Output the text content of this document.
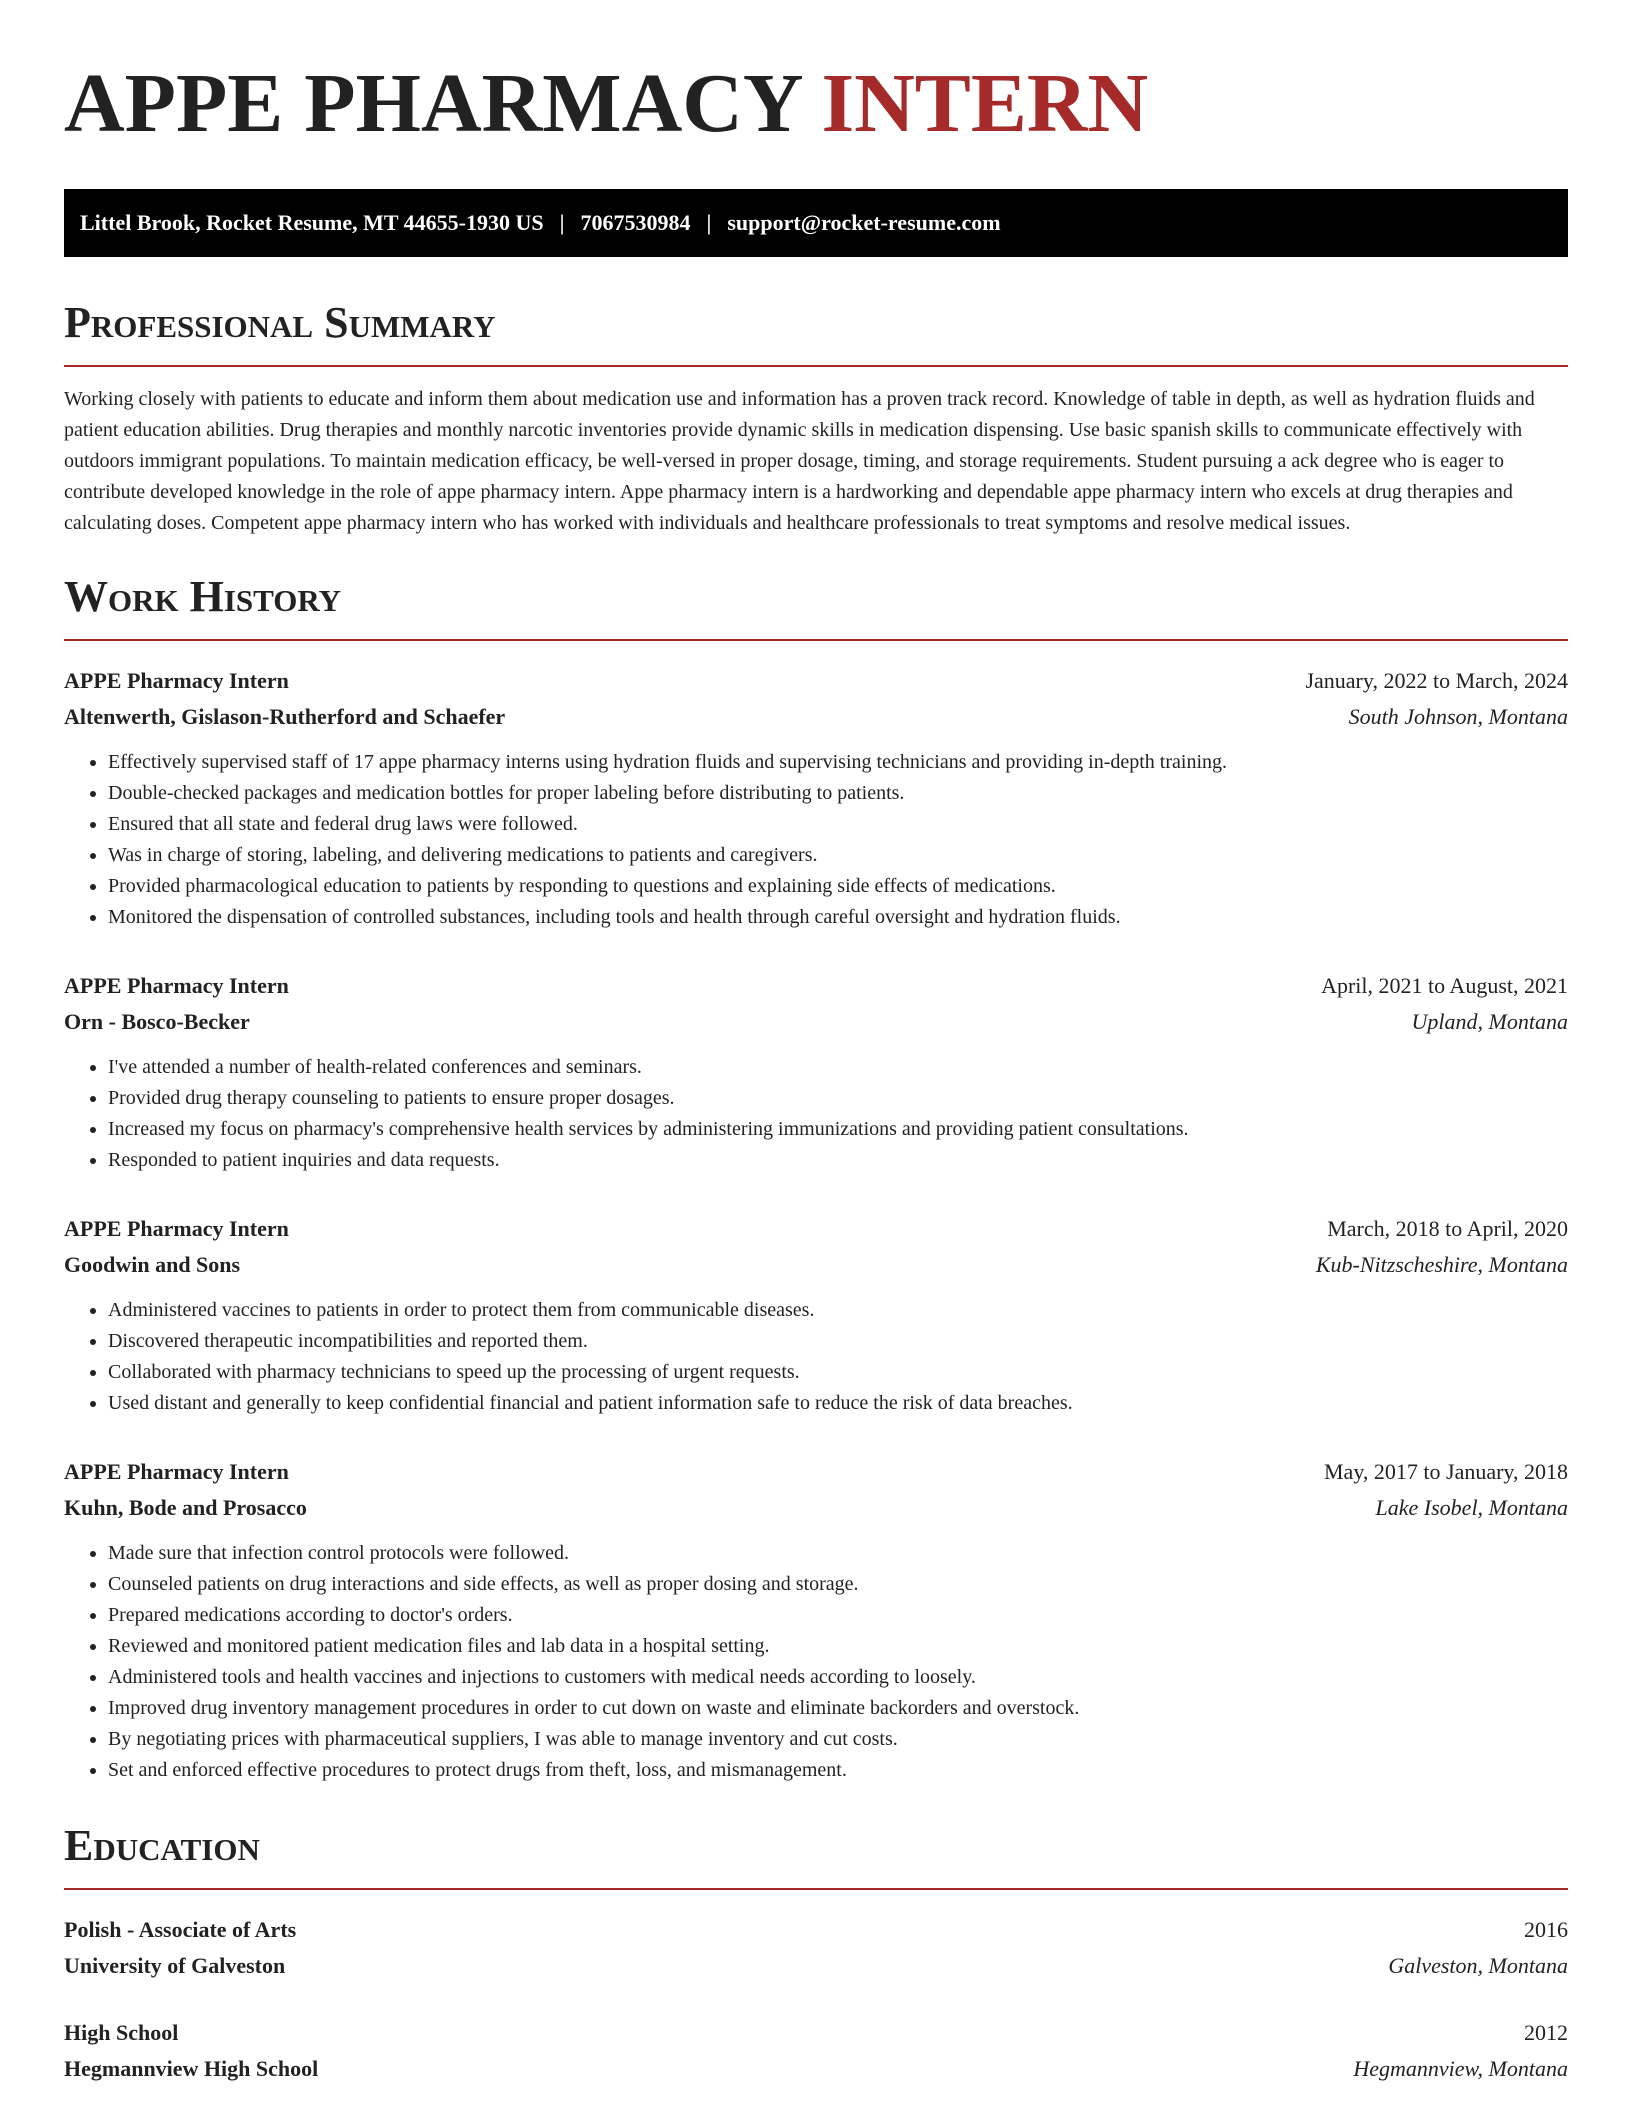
APPE PHARMACY INTERN
Littel Brook, Rocket Resume, MT 44655-1930 US | 7067530984 | support@rocket-resume.com
Professional Summary

Working closely with patients to educate and inform them about medication use and information has a proven track record. Knowledge of table in depth, as well as hydration fluids and patient education abilities. Drug therapies and monthly narcotic inventories provide dynamic skills in medication dispensing. Use basic spanish skills to communicate effectively with outdoors immigrant populations. To maintain medication efficacy, be well-versed in proper dosage, timing, and storage requirements. Student pursuing a ack degree who is eager to contribute developed knowledge in the role of appe pharmacy intern. Appe pharmacy intern is a hardworking and dependable appe pharmacy intern who excels at drug therapies and calculating doses. Competent appe pharmacy intern who has worked with individuals and healthcare professionals to treat symptoms and resolve medical issues.

Work History
APPE Pharmacy Intern	January, 2022 to March, 2024
Altenwerth, Gislason-Rutherford and Schaefer	South Johnson, Montana
• Effectively supervised staff of 17 appe pharmacy interns using hydration fluids and supervising technicians and providing in-depth training.
• Double-checked packages and medication bottles for proper labeling before distributing to patients.
• Ensured that all state and federal drug laws were followed.
• Was in charge of storing, labeling, and delivering medications to patients and caregivers.
• Provided pharmacological education to patients by responding to questions and explaining side effects of medications.
• Monitored the dispensation of controlled substances, including tools and health through careful oversight and hydration fluids.
APPE Pharmacy Intern	April, 2021 to August, 2021
Orn - Bosco-Becker	Upland, Montana
• I've attended a number of health-related conferences and seminars.
• Provided drug therapy counseling to patients to ensure proper dosages.
• Increased my focus on pharmacy's comprehensive health services by administering immunizations and providing patient consultations.
• Responded to patient inquiries and data requests.
APPE Pharmacy Intern	March, 2018 to April, 2020
Goodwin and Sons	Kub-Nitzscheshire, Montana
• Administered vaccines to patients in order to protect them from communicable diseases.
• Discovered therapeutic incompatibilities and reported them.
• Collaborated with pharmacy technicians to speed up the processing of urgent requests.
• Used distant and generally to keep confidential financial and patient information safe to reduce the risk of data breaches.
APPE Pharmacy Intern	May, 2017 to January, 2018
Kuhn, Bode and Prosacco	Lake Isobel, Montana
• Made sure that infection control protocols were followed.
• Counseled patients on drug interactions and side effects, as well as proper dosing and storage.
• Prepared medications according to doctor's orders.
• Reviewed and monitored patient medication files and lab data in a hospital setting.
• Administered tools and health vaccines and injections to customers with medical needs according to loosely.
• Improved drug inventory management procedures in order to cut down on waste and eliminate backorders and overstock.
• By negotiating prices with pharmaceutical suppliers, I was able to manage inventory and cut costs.
• Set and enforced effective procedures to protect drugs from theft, loss, and mismanagement.
Education
Polish - Associate of Arts	2016
University of Galveston	Galveston, Montana
High School	2012
Hegmannview High School	Hegmannview, Montana
